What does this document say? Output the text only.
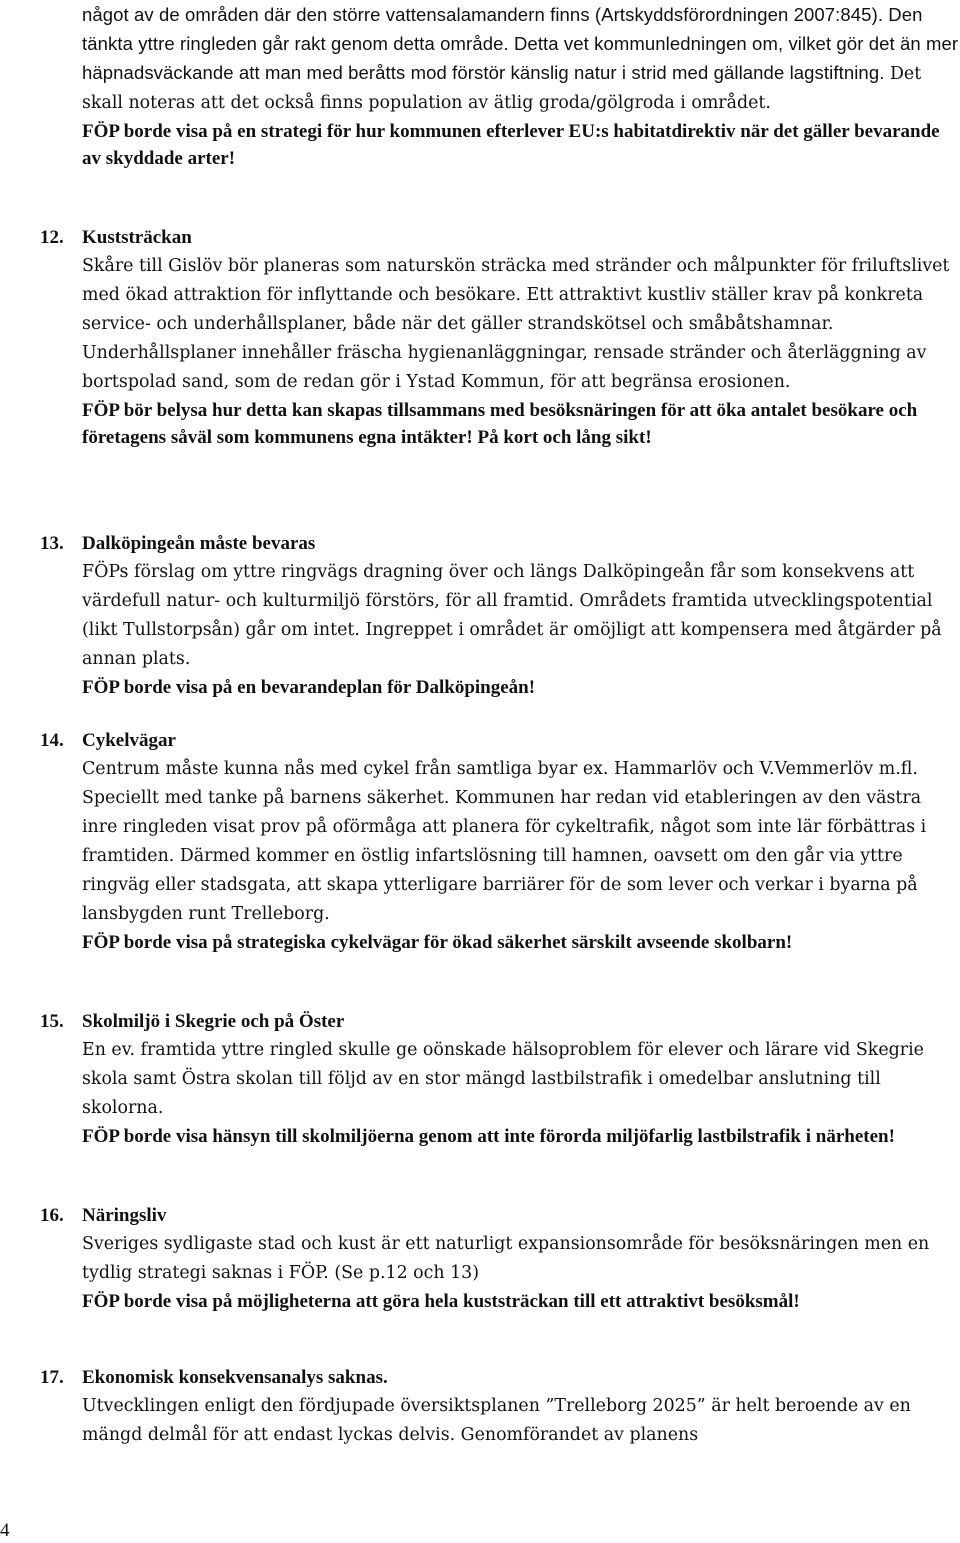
något av de områden där den större vattensalamandern finns (Artskyddsförordningen 2007:845). Den tänkta yttre ringleden går rakt genom detta område. Detta vet kommunledningen om, vilket gör det än mer häpnadsväckande att man med beråtts mod förstör känslig natur i strid med gällande lagstiftning. Det skall noteras att det också finns population av ätlig groda/gölgroda i området.

FÖP borde visa på en strategi för hur kommunen efterlever EU:s habitatdirektiv när det gäller bevarande av skyddade arter!

12. Kuststräckan

Skåre till Gislöv bör planeras som naturskön sträcka med stränder och målpunkter för friluftslivet med ökad attraktion för inflyttande och besökare. Ett attraktivt kustliv ställer krav på konkreta service- och underhållsplaner, både när det gäller strandskötsel och småbåtshamnar. Underhållsplaner innehåller fräscha hygienanläggningar, rensade stränder och återläggning av bortspolad sand, som de redan gör i Ystad Kommun, för att begränsa erosionen.

FÖP bör belysa hur detta kan skapas tillsammans med besöksnäringen för att öka antalet besökare och företagens såväl som kommunens egna intäkter! På kort och lång sikt!

13. Dalköpingeån måste bevaras

FÖPs förslag om yttre ringvägs dragning över och längs Dalköpingeån får som konsekvens att värdefull natur- och kulturmiljö förstörs, för all framtid. Områdets framtida utvecklingspotential (likt Tullstorpsån) går om intet. Ingreppet i området är omöjligt att kompensera med åtgärder på annan plats.

FÖP borde visa på en bevarandeplan för Dalköpingeån!

14. Cykelvägar

Centrum måste kunna nås med cykel från samtliga byar ex. Hammarlöv och V.Vemmerlöv m.fl. Speciellt med tanke på barnens säkerhet. Kommunen har redan vid etableringen av den västra inre ringleden visat prov på oförmåga att planera för cykeltrafik, något som inte lär förbättras i framtiden. Därmed kommer en östlig infartslösning till hamnen, oavsett om den går via yttre ringväg eller stadsgata, att skapa ytterligare barriärer för de som lever och verkar i byarna på lansbygden runt Trelleborg.

FÖP borde visa på strategiska cykelvägar för ökad säkerhet särskilt avseende skolbarn!

15. Skolmiljö i Skegrie och på Öster

En ev. framtida yttre ringled skulle ge oönskade hälsoproblem för elever och lärare vid Skegrie skola samt Östra skolan till följd av en stor mängd lastbilstrafik i omedelbar anslutning till skolorna.

FÖP borde visa hänsyn till skolmiljöerna genom att inte förorda miljöfarlig lastbilstrafik i närheten!

16. Näringsliv

Sveriges sydligaste stad och kust är ett naturligt expansionsområde för besöksnäringen men en tydlig strategi saknas i FÖP. (Se p.12 och 13)

FÖP borde visa på möjligheterna att göra hela kuststräckan till ett attraktivt besöksmål!

17. Ekonomisk konsekvensanalys saknas.

Utvecklingen enligt den fördjupade översiktsplanen ”Trelleborg 2025” är helt beroende av en mängd delmål för att endast lyckas delvis. Genomförandet av planens

4
